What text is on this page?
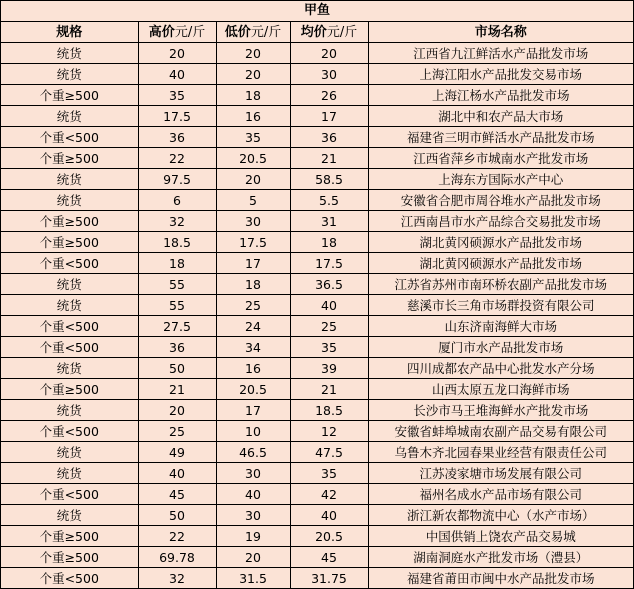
甲鱼
规格	高价元/斤	低价元/斤	均价元/斤	市场名称
统货	20	20	20	江西省九江鲜活水产品批发市场
统货	40	20	30	上海江阳水产品批发交易市场
个重≥500	35	18	26	上海江杨水产品批发市场
统货	17.5	16	17	湖北中和农产品大市场
个重<500	36	35	36	福建省三明市鲜活水产品批发市场
个重≥500	22	20.5	21	江西省萍乡市城南水产批发市场
统货	97.5	20	58.5	上海东方国际水产中心
统货	6	5	5.5	安徽省合肥市周谷堆水产品批发市场
个重≥500	32	30	31	江西南昌市水产品综合交易批发市场
个重≥500	18.5	17.5	18	湖北黄冈硕源水产品批发市场
个重<500	18	17	17.5	湖北黄冈硕源水产品批发市场
统货	55	18	36.5	江苏省苏州市南环桥农副产品批发市场
统货	55	25	40	慈溪市长三角市场群投资有限公司
个重<500	27.5	24	25	山东济南海鲜大市场
个重<500	36	34	35	厦门市水产品批发市场
统货	50	16	39	四川成都农产品中心批发水产分场
个重≥500	21	20.5	21	山西太原五龙口海鲜市场
统货	20	17	18.5	长沙市马王堆海鲜水产批发市场
个重<500	25	10	12	安徽省蚌埠城南农副产品交易有限公司
统货	49	46.5	47.5	乌鲁木齐北园春果业经营有限责任公司
统货	40	30	35	江苏凌家塘市场发展有限公司
个重<500	45	40	42	福州名成水产品市场有限公司
统货	50	30	40	浙江新农都物流中心（水产市场）
个重≥500	22	19	20.5	中国供销上饶农产品交易城
个重≥500	69.78	20	45	湖南洞庭水产批发市场（澧县）
个重<500	32	31.5	31.75	福建省莆田市闽中水产品批发市场
